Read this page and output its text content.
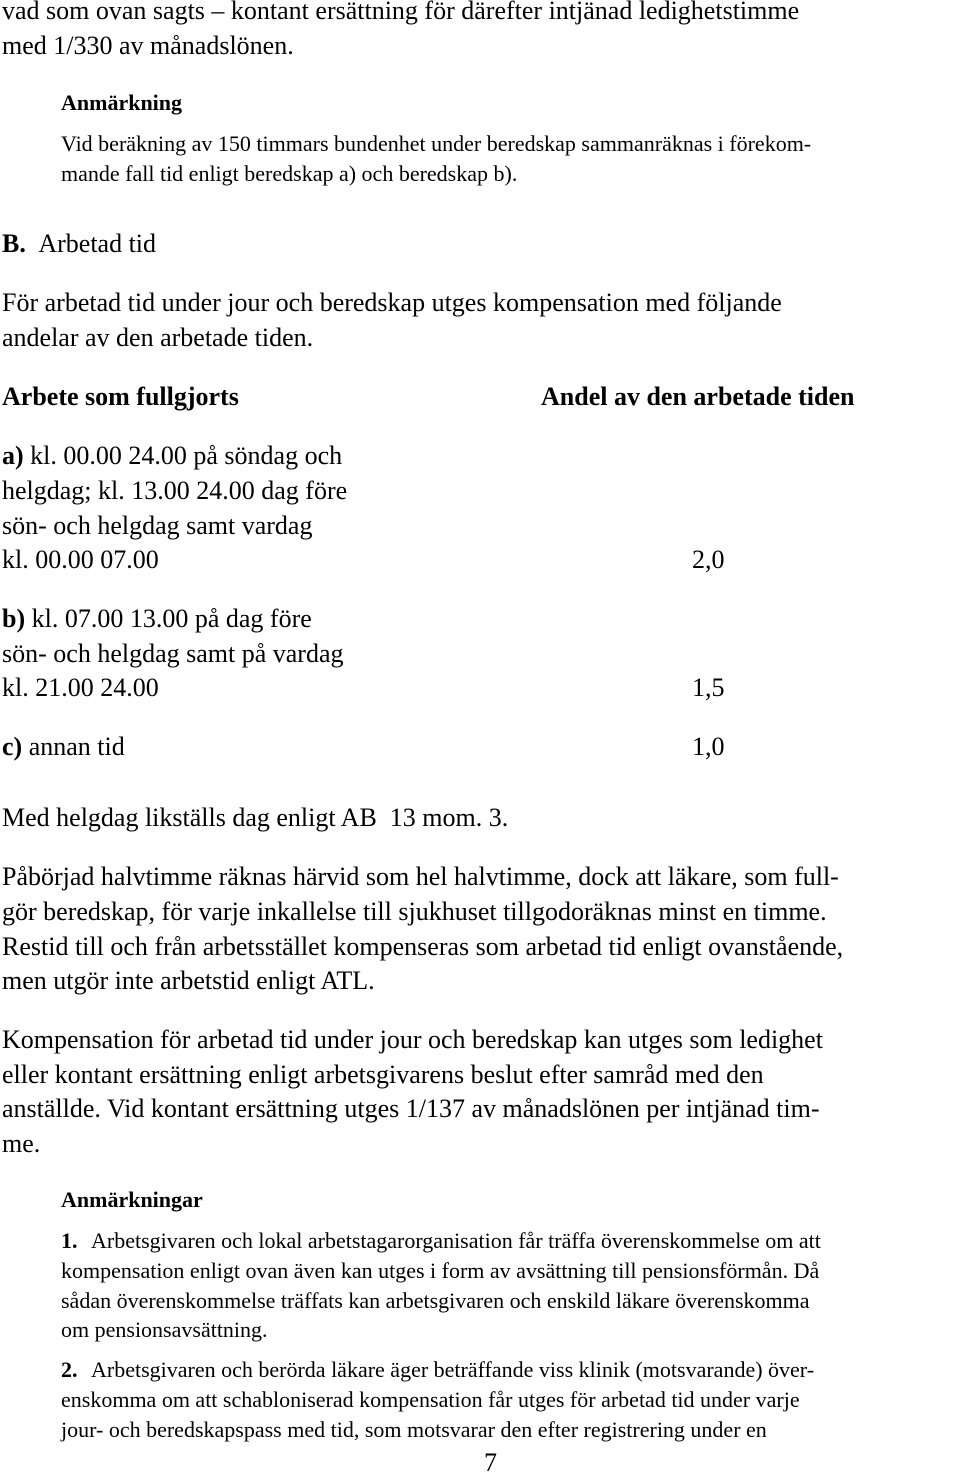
vad som ovan sagts – kontant ersättning för därefter intjänad ledighetstimme
med 1/330 av månadslönen.
Anmärkning
Vid beräkning av 150 timmars bundenhet under beredskap sammanräknas i förekom-
mande fall tid enligt beredskap a) och beredskap b).
B. Arbetad tid
För arbetad tid under jour och beredskap utges kompensation med följande
andelar av den arbetade tiden.
Arbete som fullgjorts	Andel av den arbetade tiden
a) kl. 00.00 24.00 på söndag och
helgdag; kl. 13.00 24.00 dag före
sön- och helgdag samt vardag
kl. 00.00 07.00	2,0
b) kl. 07.00 13.00 på dag före
sön- och helgdag samt på vardag
kl. 21.00 24.00	1,5
c) annan tid	1,0
Med helgdag likställs dag enligt AB  13 mom. 3.
Påbörjad halvtimme räknas härvid som hel halvtimme, dock att läkare, som full-
gör beredskap, för varje inkallelse till sjukhuset tillgodoräknas minst en timme.
Restid till och från arbetsstället kompenseras som arbetad tid enligt ovanstående,
men utgör inte arbetstid enligt ATL.
Kompensation för arbetad tid under jour och beredskap kan utges som ledighet
eller kontant ersättning enligt arbetsgivarens beslut efter samråd med den
anställde. Vid kontant ersättning utges 1/137 av månadslönen per intjänad tim-
me.
Anmärkningar
1. Arbetsgivaren och lokal arbetstagarorganisation får träffa överenskommelse om att
kompensation enligt ovan även kan utges i form av avsättning till pensionsförmån. Då
sådan överenskommelse träffats kan arbetsgivaren och enskild läkare överenskomma
om pensionsavsättning.
2. Arbetsgivaren och berörda läkare äger beträffande viss klinik (motsvarande) över-
enskomma om att schabloniserad kompensation får utges för arbetad tid under varje
jour- och beredskapspass med tid, som motsvarar den efter registrering under en
7
